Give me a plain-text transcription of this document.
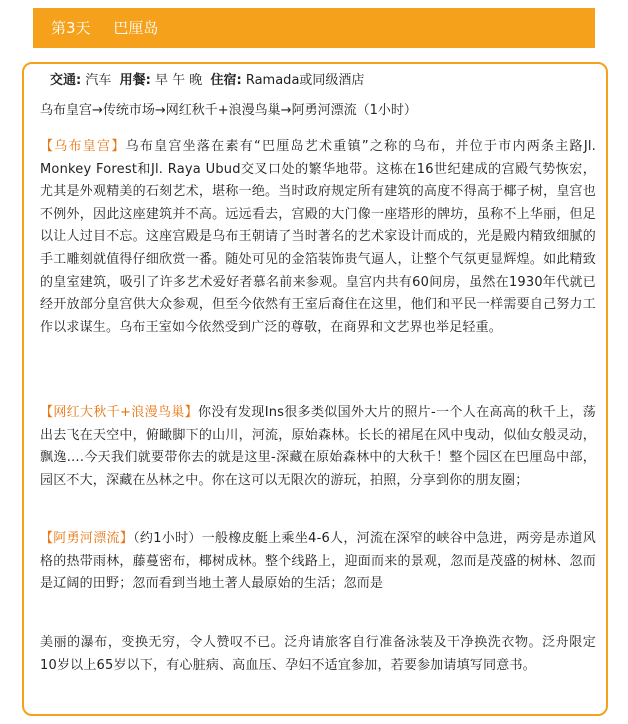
第3天 巴厘岛
交通: 汽车 用餐: 早 午 晚 住宿: Ramada或同级酒店
乌布皇宫→传统市场→网红秋千+浪漫鸟巢→阿勇河漂流（1小时）
【乌布皇宫】乌布皇宫坐落在素有“巴厘岛艺术重镇”之称的乌布，并位于市内两条主路Jl. Monkey Forest和Jl. Raya Ubud交叉口处的繁华地带。这栋在16世纪建成的宫殿气势恢宏，尤其是外观精美的石刻艺术，堪称一绝。当时政府规定所有建筑的高度不得高于椰子树，皇宫也不例外，因此这座建筑并不高。远远看去，宫殿的大门像一座塔形的牌坊，虽称不上华丽，但足以让人过目不忘。这座宫殿是乌布王朝请了当时著名的艺术家设计而成的，光是殿内精致细腻的手工雕刻就值得仔细欣赏一番。随处可见的金箔装饰贵气逼人，让整个气氛更显辉煌。如此精致的皇室建筑，吸引了许多艺术爱好者慕名前来参观。皇宫内共有60间房，虽然在1930年代就已经开放部分皇宫供大众参观，但至今依然有王室后裔住在这里，他们和平民一样需要自己努力工作以求谋生。乌布王室如今依然受到广泛的尊敬，在商界和文艺界也举足轻重。
【网红大秋千+浪漫鸟巢】你没有发现Ins很多类似国外大片的照片-一个人在高高的秋千上，荡出去飞在天空中，俯瞰脚下的山川，河流，原始森林。长长的裙尾在风中曳动，似仙女般灵动，飘逸….今天我们就要带你去的就是这里-深藏在原始森林中的大秋千！整个园区在巴厘岛中部，园区不大，深藏在丛林之中。你在这可以无限次的游玩，拍照，分享到你的朋友圈；
【阿勇河漂流】（约1小时）一般橡皮艇上乘坐4-6人，河流在深窄的峡谷中急进，两旁是赤道风格的热带雨林，藤蔓密布，椰树成林。整个线路上，迎面而来的景观，忽而是茂盛的树林、忽而是辽阔的田野；忽而看到当地土著人最原始的生活；忽而是
美丽的瀑布，变换无穷，令人赞叹不已。泛舟请旅客自行准备泳装及干净换洗衣物。泛舟限定10岁以上65岁以下，有心脏病、高血压、孕妇不适宜参加，若要参加请填写同意书。
